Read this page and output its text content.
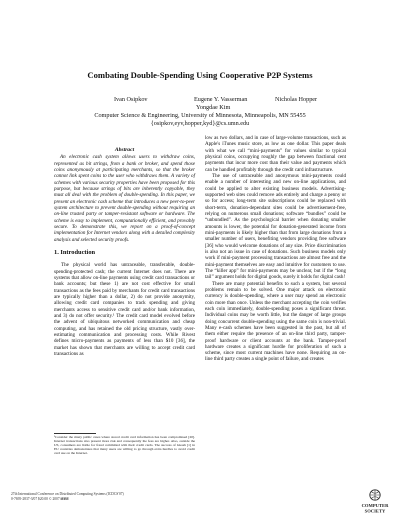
Combating Double-Spending Using Cooperative P2P Systems
Ivan Osipkov	Eugene Y. Vasserman	Nicholas Hopper
Yongdae Kim
Computer Science & Engineering, University of Minnesota, Minneapolis, MN 55455
{osipkov,eyv,hopper,kyd}@cs.umn.edu
Abstract

An electronic cash system allows users to withdraw coins, represented as bit strings, from a bank or broker, and spend those coins anonymously at participating merchants, so that the broker cannot link spent coins to the user who withdraws them. A variety of schemes with various security properties have been proposed for this purpose, but because strings of bits are inherently copyable, they must all deal with the problem of double-spending. In this paper, we present an electronic cash scheme that introduces a new peer-to-peer system architecture to prevent double-spending without requiring an on-line trusted party or tamper-resistant software or hardware. The scheme is easy to implement, computationally efficient, and provably secure. To demonstrate this, we report on a proof-of-concept implementation for Internet vendors along with a detailed complexity analysis and selected security proofs.

1. Introduction

The physical world has untraceable, transferable, double-spending-protected cash; the current Internet does not. There are systems that allow on-line payments using credit card transactions or bank accounts; but these 1) are not cost effective for small transactions as the fees paid by merchants for credit card transactions are typically higher than a dollar, 2) do not provide anonymity, allowing credit card companies to track spending and giving merchants access to sensitive credit card and/or bank information, and 3) do not offer security.¹ The credit card model evolved before the advent of ubiquitous networked communication and cheap computing, and has retained the old pricing structure, vastly over-estimating communication and processing costs. While Rivest defines micro-payments as payments of less than $10 [36], the market has shown that merchants are willing to accept credit card transactions as

low as two dollars, and in case of large-volume transactions, such as Apple's iTunes music store, as low as one dollar. This paper deals with what we call “mini-payments” for values similar to typical physical coins, occupying roughly the gap between fractional cent payments that incur more cost than their value and payments which can be handled profitably through the credit card infrastructure.

The use of untraceable and anonymous mini-payments could enable a number of interesting and new on-line applications, and could be applied to alter existing business models. Advertising-supported web sites could remove ads entirely and charge a penny or so for access; long-term site subscriptions could be replaced with short-term, donation-dependant sites could be advertisement-free, relying on numerous small donations; software “bundles” could be “unbundled”. As the psychological barrier when donating smaller amounts is lower, the potential for donation-generated income from mini-payments is likely higher than that from large donations from a smaller number of users, benefiting vendors providing free software [36] who would welcome donations of any size. Price discrimination is also not an issue in case of donations. Such business models only work if mini-payment processing transactions are almost free and the mini-payment themselves are easy and intuitive for customers to use. The “killer app” for mini-payments may be unclear, but if the “long tail” argument holds for digital goods, surely it holds for digital cash!

There are many potential benefits to such a system, but several problems remain to be solved. One major attack on electronic currency is double-spending, where a user may spend an electronic coin more than once. Unless the merchant accepting the coin verifies each coin immediately, double-spending poses a significant threat. Individual coins may be worth little, but the danger of large groups doing concurrent double-spending using the same coin is non-trivial. Many e-cash schemes have been suggested in the past, but all of them either require the presence of an on-line third party, tamper-proof hardware or client accounts at the bank. Tamper-proof hardware creates a significant hurdle for proliferation of such a scheme, since most current machines have none. Requiring an on-line third party creates a single point of failure, and creates

¹Consider the many public cases where stored credit card information has been compromised [20]. Internet transactions also present more risk and consequently the fees are higher. Also, outside the US, consumers are liable for fraud committed with their credit cards. The success of Gkash [1] in EU countries demonstrates that many users are willing to go through extra hurdles to avoid credit card use on the Internet.
27th International Conference on Distributed Computing Systems (ICDCS'07)
0-7695-2837-3/07 $20.00 © 2007 IEEE
COMPUTER
SOCIETY
